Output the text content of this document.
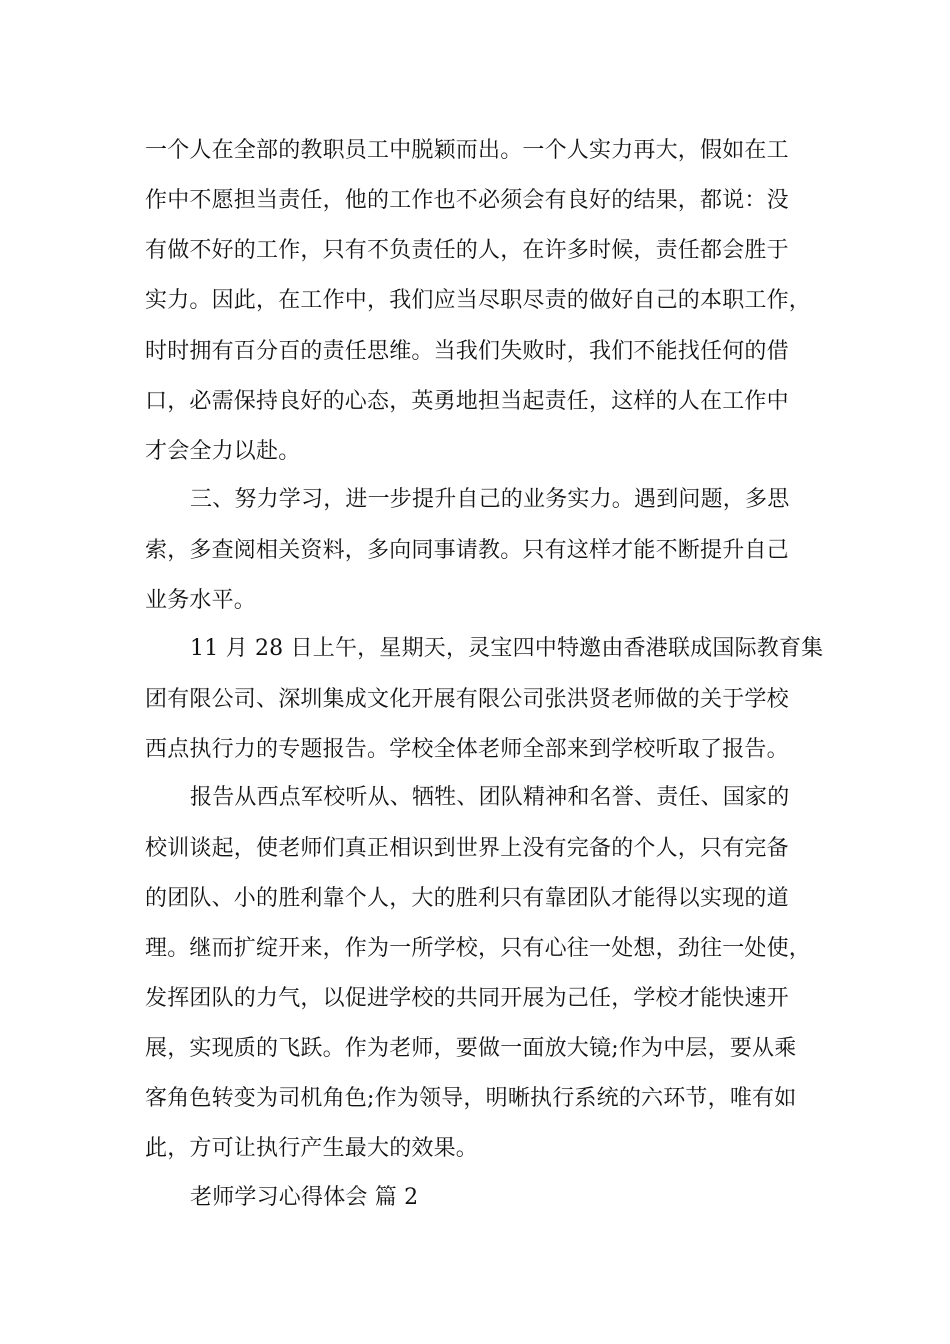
一个人在全部的教职员工中脱颖而出。一个人实力再大，假如在工
作中不愿担当责任，他的工作也不必须会有良好的结果，都说：没
有做不好的工作，只有不负责任的人，在许多时候，责任都会胜于
实力。因此，在工作中，我们应当尽职尽责的做好自己的本职工作，
时时拥有百分百的责任思维。当我们失败时，我们不能找任何的借
口，必需保持良好的心态，英勇地担当起责任，这样的人在工作中
才会全力以赴。
三、努力学习，进一步提升自己的业务实力。遇到问题，多思
索，多查阅相关资料，多向同事请教。只有这样才能不断提升自己
业务水平。
11 月 28 日上午，星期天，灵宝四中特邀由香港联成国际教育集
团有限公司、深圳集成文化开展有限公司张洪贤老师做的关于学校
西点执行力的专题报告。学校全体老师全部来到学校听取了报告。
报告从西点军校听从、牺牲、团队精神和名誉、责任、国家的
校训谈起，使老师们真正相识到世界上没有完备的个人，只有完备
的团队、小的胜利靠个人，大的胜利只有靠团队才能得以实现的道
理。继而扩绽开来，作为一所学校，只有心往一处想，劲往一处使，
发挥团队的力气，以促进学校的共同开展为己任，学校才能快速开
展，实现质的飞跃。作为老师，要做一面放大镜;作为中层，要从乘
客角色转变为司机角色;作为领导，明晰执行系统的六环节，唯有如
此，方可让执行产生最大的效果。
老师学习心得体会 篇 2
